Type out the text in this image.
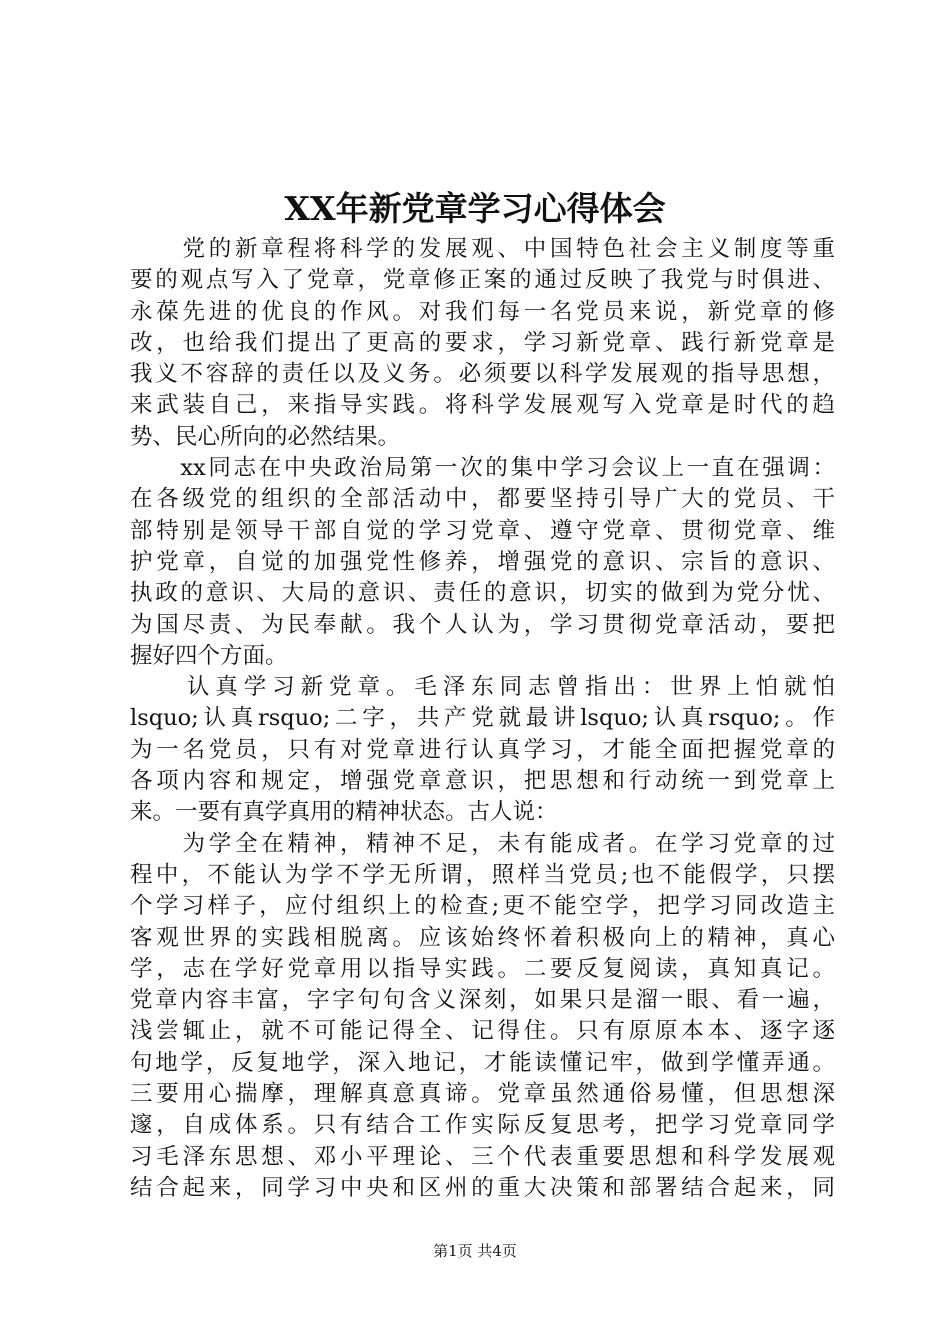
XX年新党章学习心得体会
　　党的新章程将科学的发展观、中国特色社会主义制度等重
要的观点写入了党章，党章修正案的通过反映了我党与时俱进、
永葆先进的优良的作风。对我们每一名党员来说，新党章的修
改，也给我们提出了更高的要求，学习新党章、践行新党章是
我义不容辞的责任以及义务。必须要以科学发展观的指导思想，
来武装自己，来指导实践。将科学发展观写入党章是时代的趋
势、民心所向的必然结果。
　　xx同志在中央政治局第一次的集中学习会议上一直在强调：
在各级党的组织的全部活动中，都要坚持引导广大的党员、干
部特别是领导干部自觉的学习党章、遵守党章、贯彻党章、维
护党章，自觉的加强党性修养，增强党的意识、宗旨的意识、
执政的意识、大局的意识、责任的意识，切实的做到为党分忧、
为国尽责、为民奉献。我个人认为，学习贯彻党章活动，要把
握好四个方面。
　　认真学习新党章。毛泽东同志曾指出：世界上怕就怕
lsquo;认真rsquo;二字，共产党就最讲lsquo;认真rsquo;。作
为一名党员，只有对党章进行认真学习，才能全面把握党章的
各项内容和规定，增强党章意识，把思想和行动统一到党章上
来。一要有真学真用的精神状态。古人说：
　　为学全在精神，精神不足，未有能成者。在学习党章的过
程中，不能认为学不学无所谓，照样当党员;也不能假学，只摆
个学习样子，应付组织上的检查;更不能空学，把学习同改造主
客观世界的实践相脱离。应该始终怀着积极向上的精神，真心
学，志在学好党章用以指导实践。二要反复阅读，真知真记。
党章内容丰富，字字句句含义深刻，如果只是溜一眼、看一遍，
浅尝辄止，就不可能记得全、记得住。只有原原本本、逐字逐
句地学，反复地学，深入地记，才能读懂记牢，做到学懂弄通。
三要用心揣摩，理解真意真谛。党章虽然通俗易懂，但思想深
邃，自成体系。只有结合工作实际反复思考，把学习党章同学
习毛泽东思想、邓小平理论、三个代表重要思想和科学发展观
结合起来，同学习中央和区州的重大决策和部署结合起来，同
第1页 共4页
